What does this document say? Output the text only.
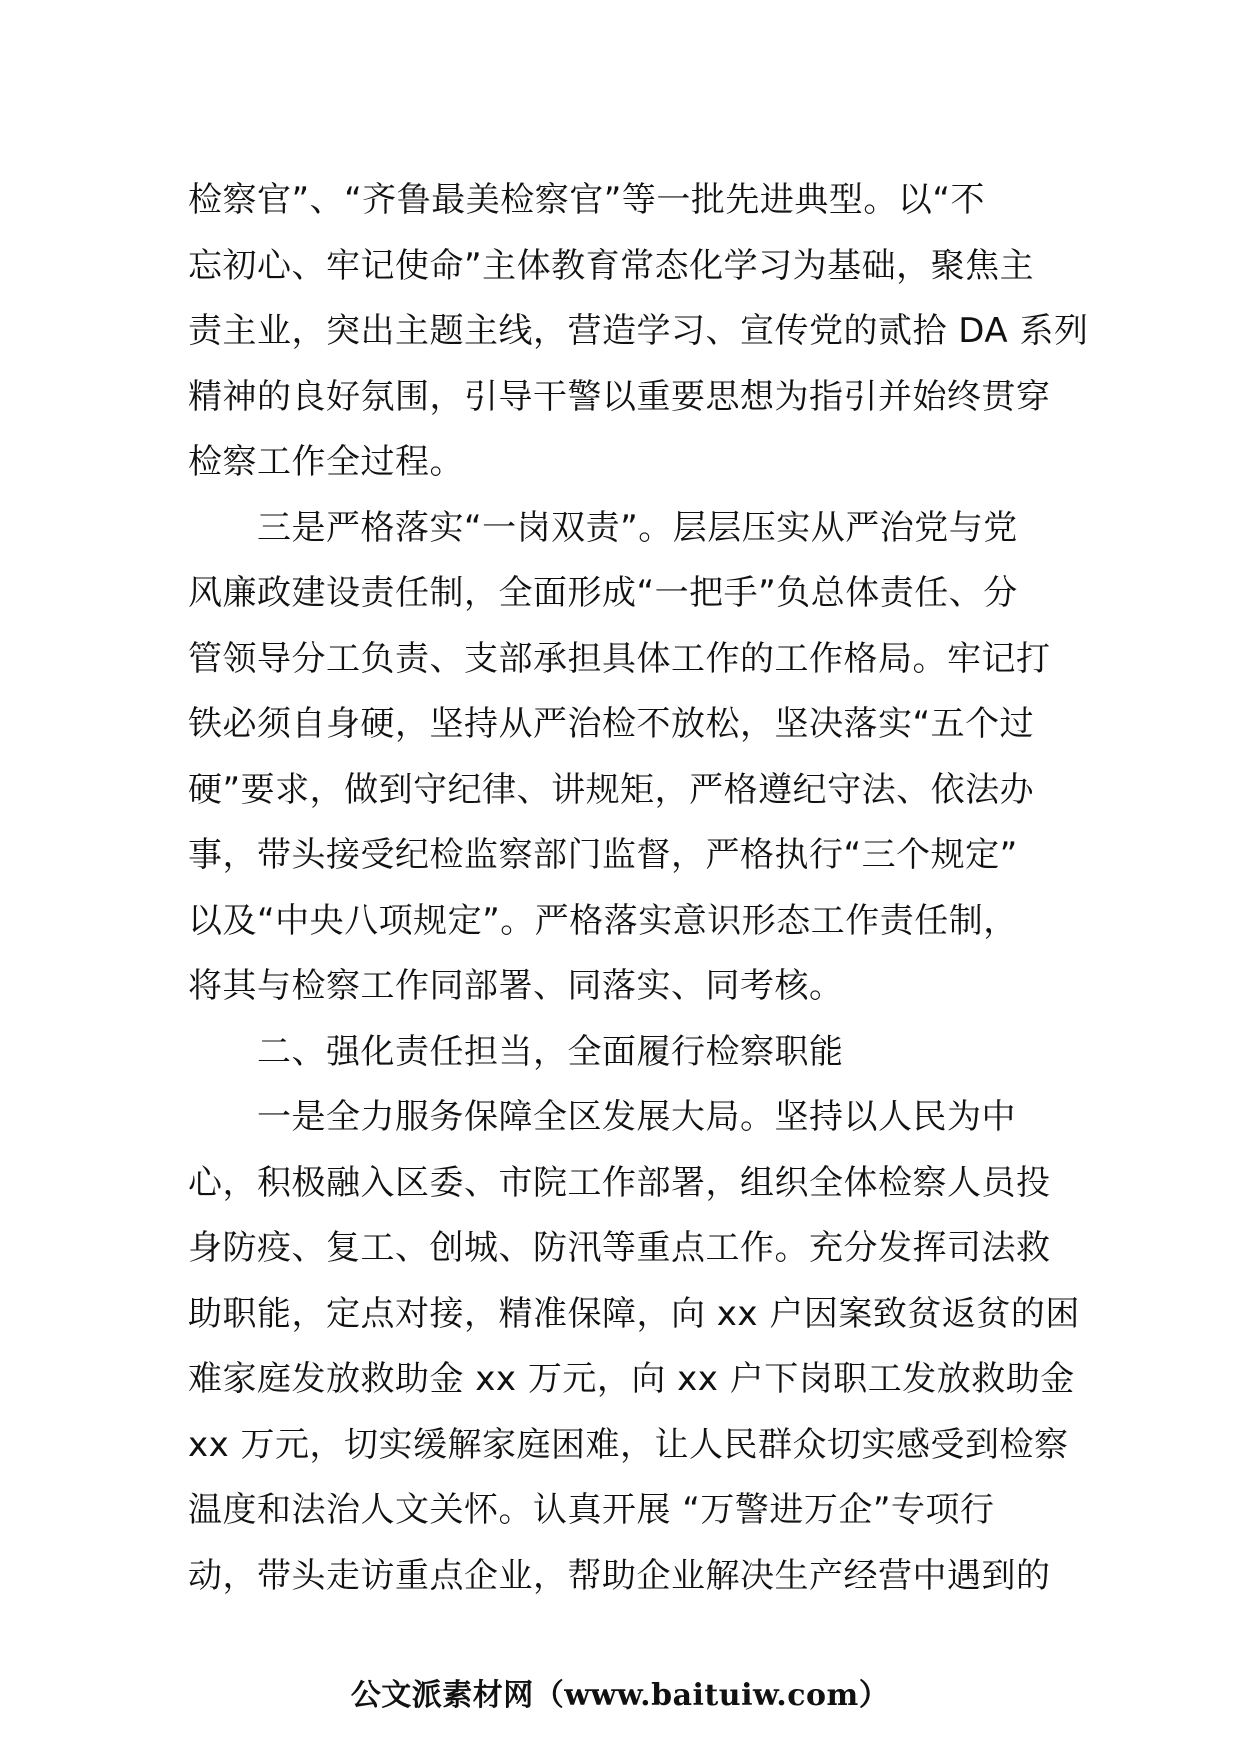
检察官”、“齐鲁最美检察官”等一批先进典型。以“不
忘初心、牢记使命”主体教育常态化学习为基础，聚焦主
责主业，突出主题主线，营造学习、宣传党的贰拾 DA 系列
精神的良好氛围，引导干警以重要思想为指引并始终贯穿
检察工作全过程。
　　三是严格落实“一岗双责”。层层压实从严治党与党
风廉政建设责任制，全面形成“一把手”负总体责任、分
管领导分工负责、支部承担具体工作的工作格局。牢记打
铁必须自身硬，坚持从严治检不放松，坚决落实“五个过
硬”要求，做到守纪律、讲规矩，严格遵纪守法、依法办
事，带头接受纪检监察部门监督，严格执行“三个规定”
以及“中央八项规定”。严格落实意识形态工作责任制，
将其与检察工作同部署、同落实、同考核。
　　二、强化责任担当，全面履行检察职能
　　一是全力服务保障全区发展大局。坚持以人民为中
心，积极融入区委、市院工作部署，组织全体检察人员投
身防疫、复工、创城、防汛等重点工作。充分发挥司法救
助职能，定点对接，精准保障，向 xx 户因案致贫返贫的困
难家庭发放救助金 xx 万元，向 xx 户下岗职工发放救助金
xx 万元，切实缓解家庭困难，让人民群众切实感受到检察
温度和法治人文关怀。认真开展 “万警进万企”专项行
动，带头走访重点企业，帮助企业解决生产经营中遇到的
公文派素材网（www.baituiw.com）
